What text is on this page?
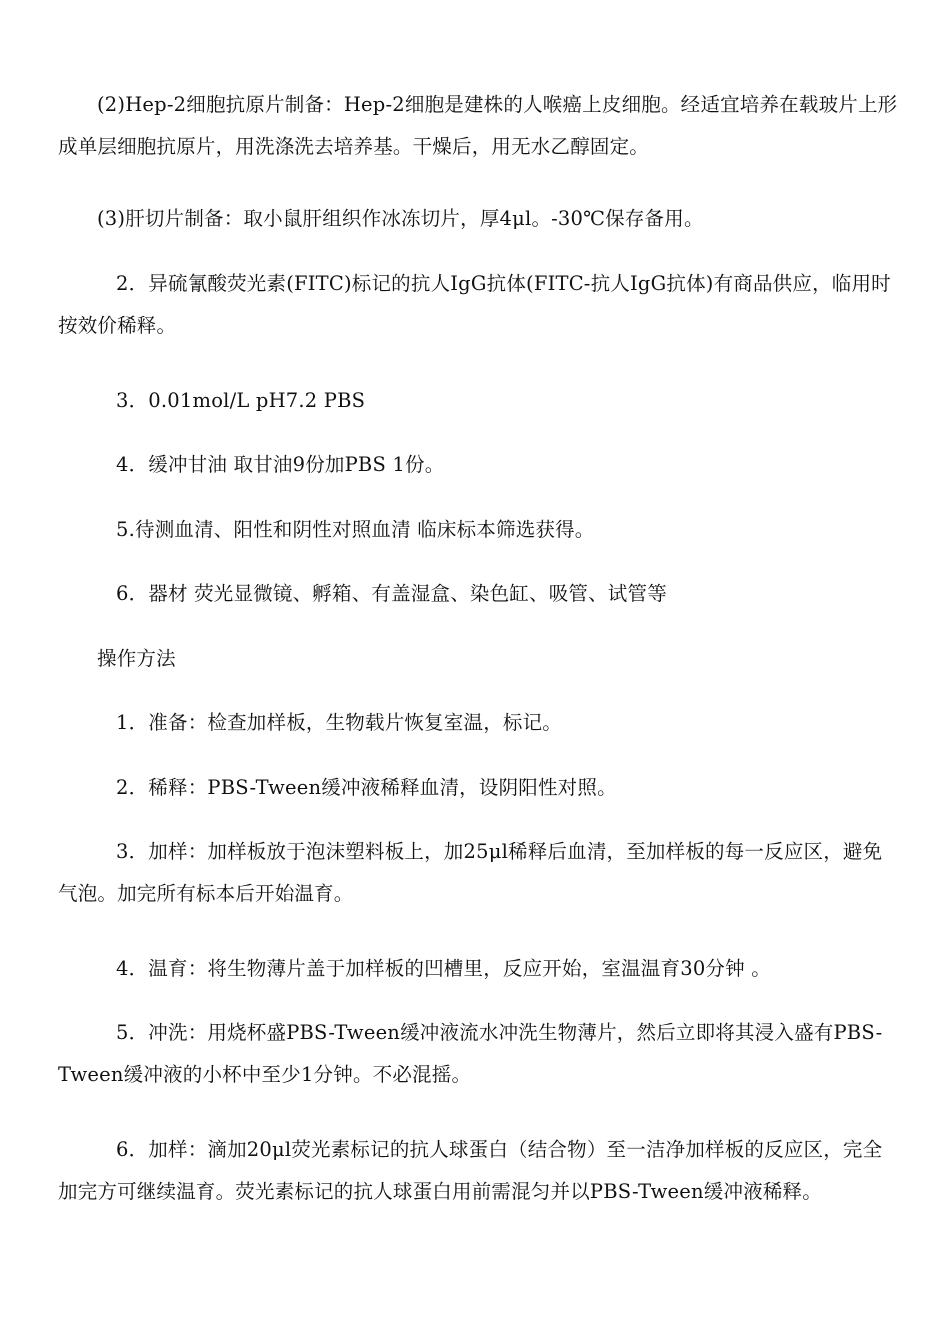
(2)Hep-2细胞抗原片制备：Hep-2细胞是建株的人喉癌上皮细胞。经适宜培养在载玻片上形成单层细胞抗原片，用洗涤洗去培养基。干燥后，用无水乙醇固定。

(3)肝切片制备：取小鼠肝组织作冰冻切片，厚4μl。-30℃保存备用。

2．异硫氰酸荧光素(FITC)标记的抗人IgG抗体(FITC-抗人IgG抗体)有商品供应，临用时按效价稀释。

3．0.01mol/L pH7.2 PBS

4．缓冲甘油 取甘油9份加PBS 1份。

5.待测血清、阳性和阴性对照血清 临床标本筛选获得。

6．器材 荧光显微镜、孵箱、有盖湿盒、染色缸、吸管、试管等

操作方法

1．准备：检查加样板，生物载片恢复室温，标记。

2．稀释：PBS-Tween缓冲液稀释血清，设阴阳性对照。

3．加样：加样板放于泡沫塑料板上，加25μl稀释后血清，至加样板的每一反应区，避免气泡。加完所有标本后开始温育。

4．温育：将生物薄片盖于加样板的凹槽里，反应开始，室温温育30分钟 。

5．冲洗：用烧杯盛PBS-Tween缓冲液流水冲洗生物薄片，然后立即将其浸入盛有PBS-Tween缓冲液的小杯中至少1分钟。不必混摇。

6．加样：滴加20μl荧光素标记的抗人球蛋白（结合物）至一洁净加样板的反应区，完全加完方可继续温育。荧光素标记的抗人球蛋白用前需混匀并以PBS-Tween缓冲液稀释。
